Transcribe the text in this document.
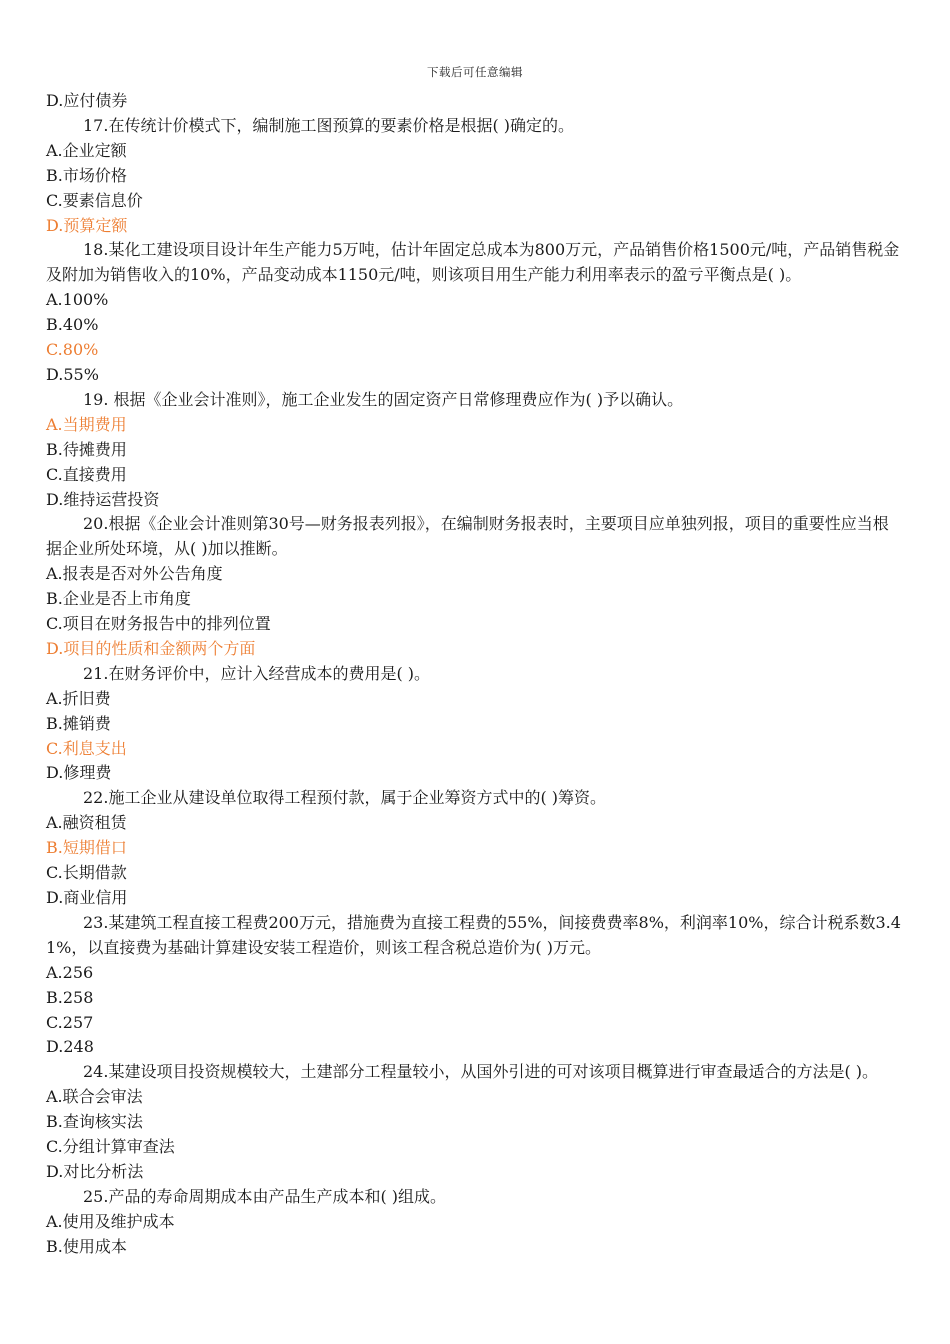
下载后可任意编辑

D.应付债券

17.在传统计价模式下，编制施工图预算的要素价格是根据( )确定的。

A.企业定额

B.市场价格

C.要素信息价

D.预算定额

18.某化工建设项目设计年生产能力5万吨，估计年固定总成本为800万元，产品销售价格1500元/吨，产品销售税金及附加为销售收入的10%，产品变动成本1150元/吨，则该项目用生产能力利用率表示的盈亏平衡点是( )。

A.100%

B.40%

C.80%

D.55%

19. 根据《企业会计准则》，施工企业发生的固定资产日常修理费应作为( )予以确认。

A.当期费用

B.待摊费用

C.直接费用

D.维持运营投资

20.根据《企业会计准则第30号—财务报表列报》，在编制财务报表时，主要项目应单独列报，项目的重要性应当根据企业所处环境，从( )加以推断。

A.报表是否对外公告角度

B.企业是否上市角度

C.项目在财务报告中的排列位置

D.项目的性质和金额两个方面

21.在财务评价中，应计入经营成本的费用是( )。

A.折旧费

B.摊销费

C.利息支出

D.修理费

22.施工企业从建设单位取得工程预付款，属于企业筹资方式中的( )筹资。

A.融资租赁

B.短期借口

C.长期借款

D.商业信用

23.某建筑工程直接工程费200万元，措施费为直接工程费的55%，间接费费率8%，利润率10%，综合计税系数3.41%，以直接费为基础计算建设安装工程造价，则该工程含税总造价为( )万元。

A.256

B.258

C.257

D.248

24.某建设项目投资规模较大，土建部分工程量较小，从国外引进的可对该项目概算进行审查最适合的方法是( )。

A.联合会审法

B.查询核实法

C.分组计算审查法

D.对比分析法

25.产品的寿命周期成本由产品生产成本和( )组成。

A.使用及维护成本

B.使用成本
